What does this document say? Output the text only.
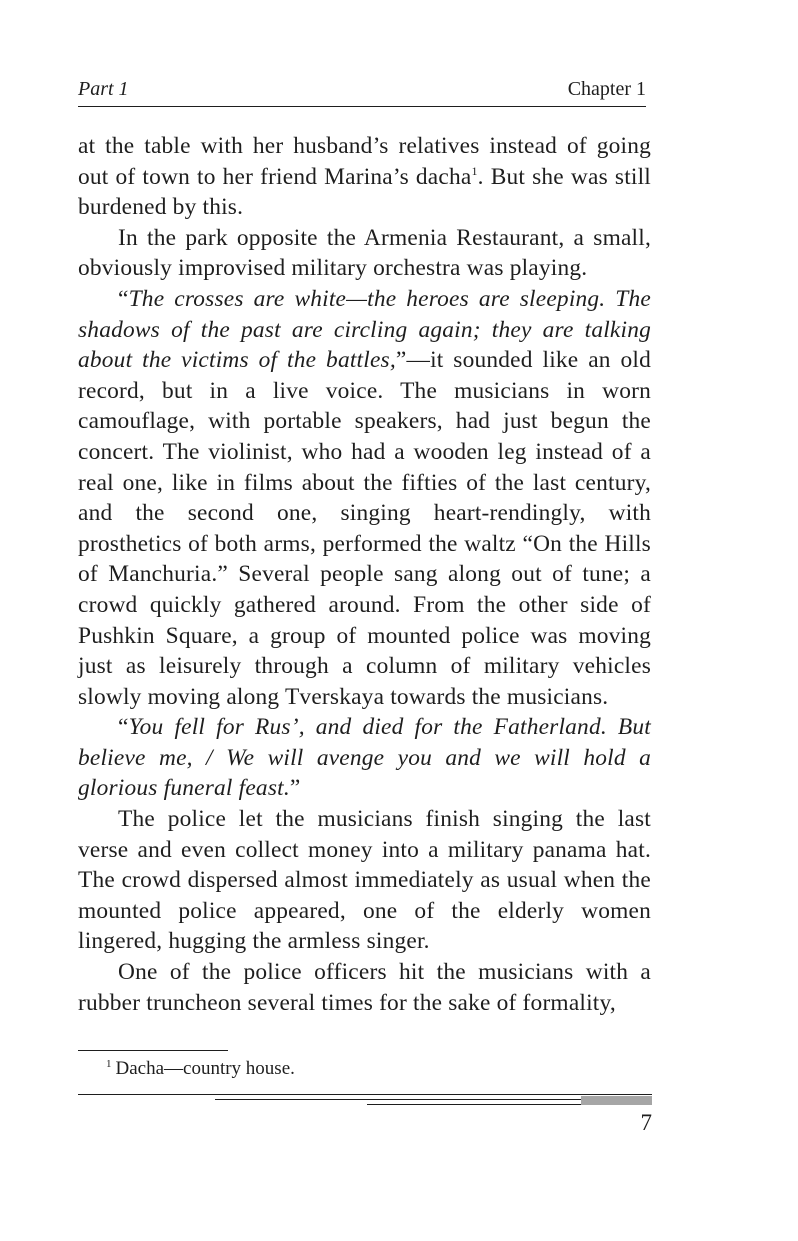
Part 1	Chapter 1

at the table with her husband’s relatives instead of going out of town to her friend Marina’s dacha$^1$. But she was still burdened by this.

In the park opposite the Armenia Restaurant, a small, obviously improvised military orchestra was playing.

“The crosses are white—the heroes are sleeping. The shadows of the past are circling again; they are talking about the victims of the battles,”—it sounded like an old record, but in a live voice. The musicians in worn camouflage, with portable speakers, had just begun the concert. The violinist, who had a wooden leg instead of a real one, like in films about the fifties of the last century, and the second one, singing heart-rendingly, with prosthetics of both arms, performed the waltz “On the Hills of Manchuria.” Several people sang along out of tune; a crowd quickly gathered around. From the other side of Pushkin Square, a group of mounted police was moving just as leisurely through a column of military vehicles slowly moving along Tverskaya towards the musicians.

“You fell for Rus’, and died for the Fatherland. But believe me, / We will avenge you and we will hold a glorious funeral feast.”

The police let the musicians finish singing the last verse and even collect money into a military panama hat. The crowd dispersed almost immediately as usual when the mounted police appeared, one of the elderly women lingered, hugging the armless singer.

One of the police officers hit the musicians with a rubber truncheon several times for the sake of formality,

$^1$ Dacha—country house.
7
